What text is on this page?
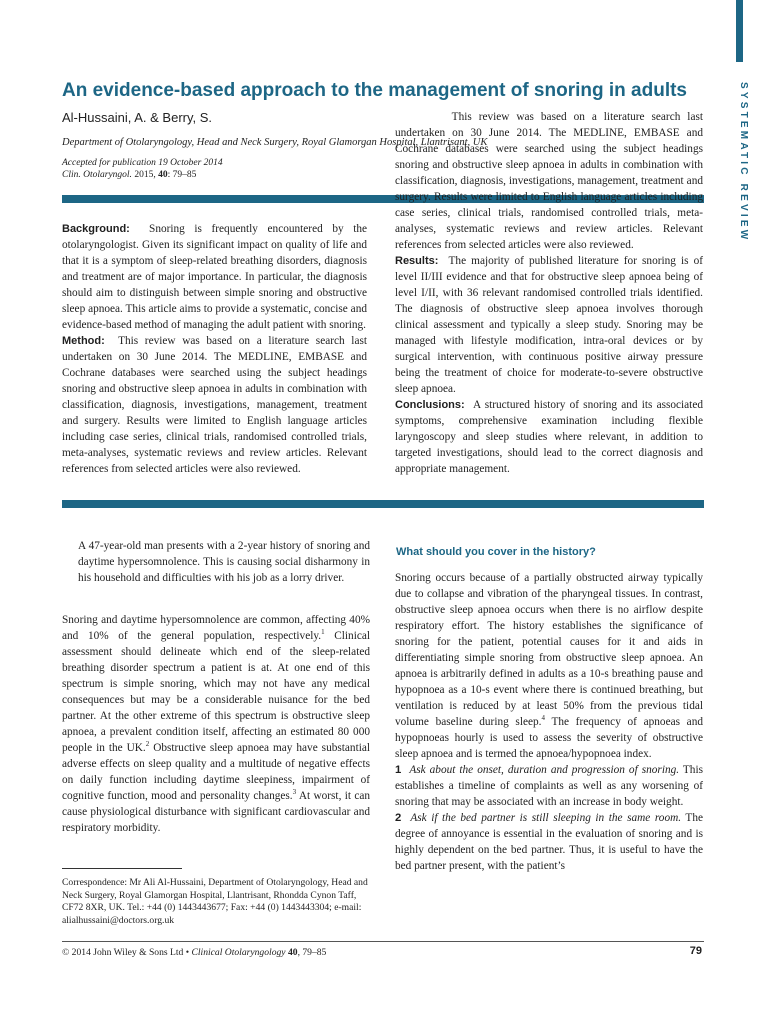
SYSTEMATIC REVIEW
An evidence-based approach to the management of snoring in adults
Al-Hussaini, A. & Berry, S.
Department of Otolaryngology, Head and Neck Surgery, Royal Glamorgan Hospital, Llantrisant, UK
Accepted for publication 19 October 2014
Clin. Otolaryngol. 2015, 40: 79–85

Background: Snoring is frequently encountered by the otolaryngologist. Given its significant impact on quality of life and that it is a symptom of sleep-related breathing disorders, diagnosis and treatment are of major importance. In particular, the diagnosis should aim to distinguish between simple snoring and obstructive sleep apnoea. This article aims to provide a systematic, concise and evidence-based method of managing the adult patient with snoring.

Method: This review was based on a literature search last undertaken on 30 June 2014. The MEDLINE, EMBASE and Cochrane databases were searched using the subject headings snoring and obstructive sleep apnoea in adults in combination with classification, diagnosis, investigations, management, treatment and surgery. Results were limited to English language articles including case series, clinical trials, randomised controlled trials, meta-analyses, systematic reviews and review articles. Relevant references from selected articles were also reviewed.

This review was based on a literature search last undertaken on 30 June 2014. The MEDLINE, EMBASE and Cochrane databases were searched using the subject headings snoring and obstructive sleep apnoea in adults in combination with classification, diagnosis, investigations, management, treatment and surgery. Results were limited to English language articles including case series, clinical trials, randomised controlled trials, meta-analyses, systematic reviews and review articles. Relevant references from selected articles were also reviewed.

Results: The majority of published literature for snoring is of level II/III evidence and that for obstructive sleep apnoea being of level I/II, with 36 relevant randomised controlled trials identified. The diagnosis of obstructive sleep apnoea involves thorough clinical assessment and typically a sleep study. Snoring may be managed with lifestyle modification, intra-oral devices or by surgical intervention, with continuous positive airway pressure being the treatment of choice for moderate-to-severe obstructive sleep apnoea.

Conclusions: A structured history of snoring and its associated symptoms, comprehensive examination including flexible laryngoscopy and sleep studies where relevant, in addition to targeted investigations, should lead to the correct diagnosis and appropriate management.

A 47-year-old man presents with a 2-year history of snoring and daytime hypersomnolence. This is causing social disharmony in his household and difficulties with his job as a lorry driver.

Snoring and daytime hypersomnolence are common, affecting 40% and 10% of the general population, respectively.$^1$ Clinical assessment should delineate which end of the sleep-related breathing disorder spectrum a patient is at. At one end of this spectrum is simple snoring, which may not have any medical consequences but may be a considerable nuisance for the bed partner. At the other extreme of this spectrum is obstructive sleep apnoea, a prevalent condition itself, affecting an estimated 80 000 people in the UK.$^2$ Obstructive sleep apnoea may have substantial adverse effects on sleep quality and a multitude of negative effects on daily function including daytime sleepiness, impairment of cognitive function, mood and personality changes.$^3$ At worst, it can cause physiological disturbance with significant cardiovascular and respiratory morbidity.

Correspondence: Mr Ali Al-Hussaini, Department of Otolaryngology, Head and Neck Surgery, Royal Glamorgan Hospital, Llantrisant, Rhondda Cynon Taff, CF72 8XR, UK. Tel.: +44 (0) 1443443677; Fax: +44 (0) 1443443304; e-mail: alialhussaini@doctors.org.uk
What should you cover in the history?

Snoring occurs because of a partially obstructed airway typically due to collapse and vibration of the pharyngeal tissues. In contrast, obstructive sleep apnoea occurs when there is no airflow despite respiratory effort. The history establishes the significance of snoring for the patient, potential causes for it and aids in differentiating simple snoring from obstructive sleep apnoea. An apnoea is arbitrarily defined in adults as a 10-s breathing pause and hypopnoea as a 10-s event where there is continued breathing, but ventilation is reduced by at least 50% from the previous tidal volume baseline during sleep.$^4$ The frequency of apnoeas and hypopnoeas hourly is used to assess the severity of obstructive sleep apnoea and is termed the apnoea/hypopnoea index.

1 Ask about the onset, duration and progression of snoring. This establishes a timeline of complaints as well as any worsening of snoring that may be associated with an increase in body weight.

2 Ask if the bed partner is still sleeping in the same room. The degree of annoyance is essential in the evaluation of snoring and is highly dependent on the bed partner. Thus, it is useful to have the bed partner present, with the patient’s

© 2014 John Wiley & Sons Ltd • Clinical Otolaryngology 40, 79–85	79
